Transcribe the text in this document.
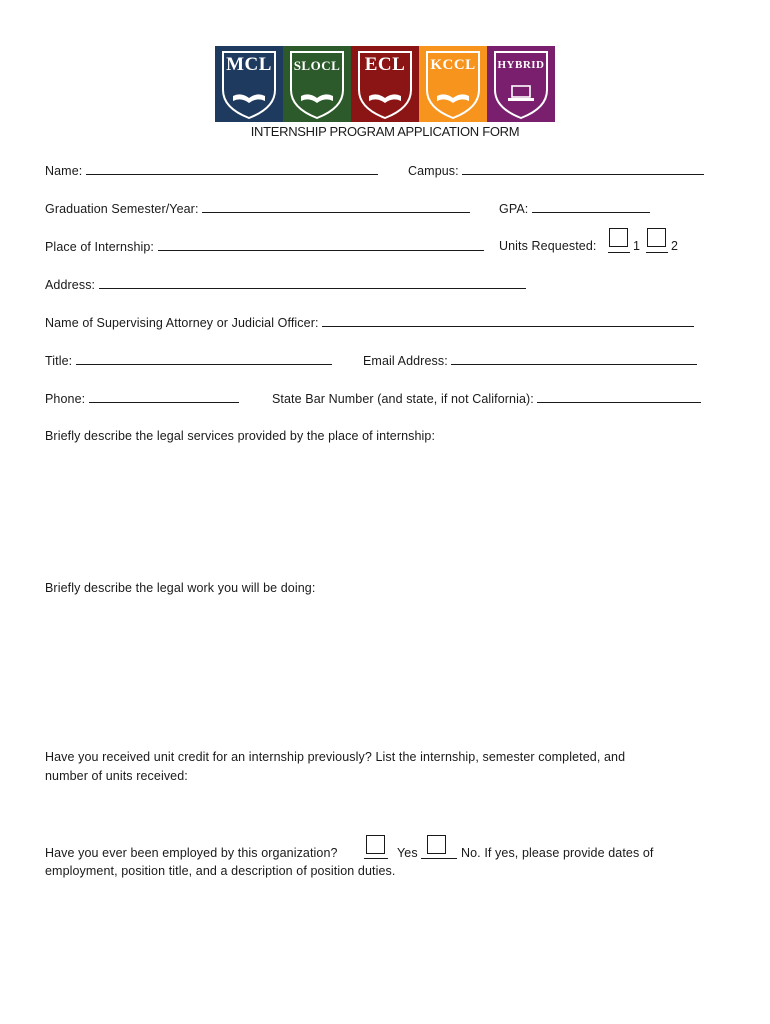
MCL	SLOCL	ECL	KCCL	HYBRID
INTERNSHIP PROGRAM APPLICATION FORM
Name:	Campus:
Graduation Semester/Year:	GPA:
Place of Internship:	Units Requested:	1 2
Address:
Name of Supervising Attorney or Judicial Officer:
Title:	Email Address:
Phone:	State Bar Number (and state, if not California):
Briefly describe the legal services provided by the place of internship:
Briefly describe the legal work you will be doing:
Have you received unit credit for an internship previously? List the internship, semester completed, and
number of units received:
Have you ever been employed by this organization?	Yes	No. If yes, please provide dates of
employment, position title, and a description of position duties.
